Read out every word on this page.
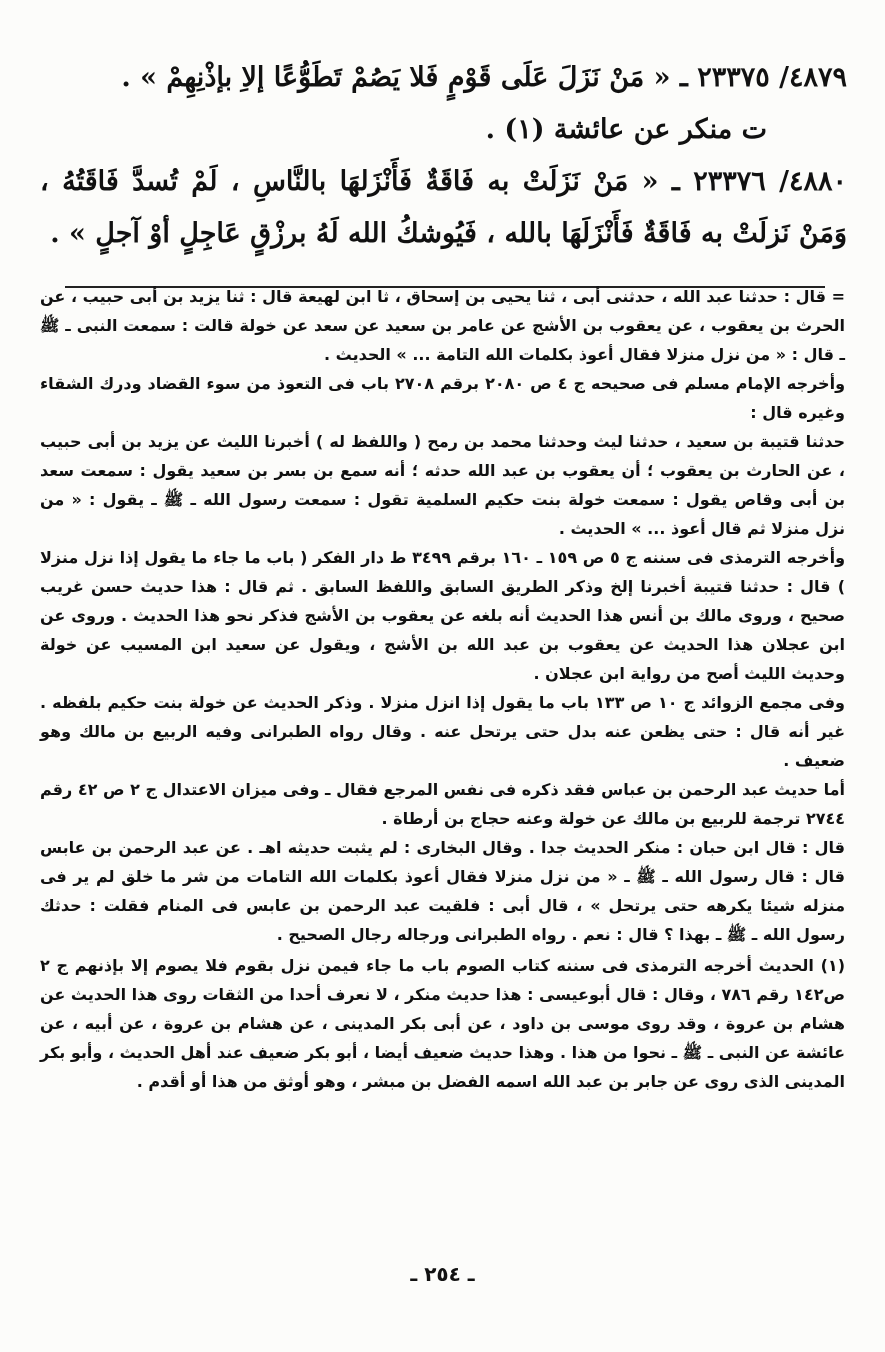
٤٨٧٩/ ٢٣٣٧٥ ـ « مَنْ نَزَلَ عَلَى قَوْمٍ فَلا يَصُمْ تَطَوُّعًا إلاِ بإذْنِهِمْ » .

ت منكر عن عائشة (١) .

٤٨٨٠/ ٢٣٣٧٦ ـ « مَنْ نَزَلَتْ به فَاقَةٌ فَأَنْزَلهَا بالنَّاسِ ، لَمْ تُسدَّ فَاقَتُهُ ، وَمَنْ نَزلَتْ به فَاقَةٌ فَأَنْزَلَهَا بالله ، فَيُوشكُ الله لَهُ برزْقٍ عَاجِلٍ أوْ آجلٍ » .

= قال : حدثنا عبد الله ، حدثنى أبى ، ثنا يحيى بن إسحاق ، ثا ابن لهيعة قال : ثنا يزيد بن أبى حبيب ، عن الحرث بن يعقوب ، عن يعقوب بن الأشج عن عامر بن سعيد عن سعد عن خولة قالت : سمعت النبى ـ ﷺ ـ قال : « من نزل منزلا فقال أعوذ بكلمات الله التامة ... » الحديث .

وأخرجه الإمام مسلم فى صحيحه ج ٤ ص ٢٠٨٠ برقم ٢٧٠٨ باب فى التعوذ من سوء القضاد ودرك الشقاء وغيره قال :

حدثنا قتيبة بن سعيد ، حدثنا ليث وحدثنا محمد بن رمح ( واللفظ له ) أخبرنا الليث عن يزيد بن أبى حبيب ، عن الحارث بن يعقوب ؛ أن يعقوب بن عبد الله حدثه ؛ أنه سمع بن بسر بن سعيد يقول : سمعت سعد بن أبى وقاص يقول : سمعت خولة بنت حكيم السلمية تقول : سمعت رسول الله ـ ﷺ ـ يقول : « من نزل منزلا ثم قال أعوذ ... » الحديث .

وأخرجه الترمذى فى سننه ج ٥ ص ١٥٩ ـ ١٦٠ برقم ٣٤٩٩ ط دار الفكر ( باب ما جاء ما يقول إذا نزل منزلا ) قال : حدثنا قتيبة أخبرنا إلخ وذكر الطريق السابق واللفظ السابق . ثم قال : هذا حديث حسن غريب صحيح ، وروى مالك بن أنس هذا الحديث أنه بلغه عن يعقوب بن الأشج فذكر نحو هذا الحديث . وروى عن ابن عجلان هذا الحديث عن يعقوب بن عبد الله بن الأشج ، ويقول عن سعيد ابن المسيب عن خولة وحديث الليث أصح من رواية ابن عجلان .

وفى مجمع الزوائد ج ١٠ ص ١٣٣ باب ما يقول إذا انزل منزلا . وذكر الحديث عن خولة بنت حكيم بلفظه . غير أنه قال : حتى يظعن عنه بدل حتى يرتحل عنه . وقال رواه الطبرانى وفيه الربيع بن مالك وهو ضعيف .

أما حديث عبد الرحمن بن عباس فقد ذكره فى نفس المرجع فقال ـ وفى ميزان الاعتدال ج ٢ ص ٤٢ رقم ٢٧٤٤ ترجمة للربيع بن مالك عن خولة وعنه حجاج بن أرطاة .

قال : قال ابن حبان : منكر الحديث جدا . وقال البخارى : لم يثبت حديثه اهـ . عن عبد الرحمن بن عابس قال : قال رسول الله ـ ﷺ ـ « من نزل منزلا فقال أعوذ بكلمات الله التامات من شر ما خلق لم ير فى منزله شيئا يكرهه حتى يرتحل » ، قال أبى : فلقيت عبد الرحمن بن عابس فى المنام فقلت : حدثك رسول الله ـ ﷺ ـ بهذا ؟ قال : نعم . رواه الطبرانى ورجاله رجال الصحيح .

(١) الحديث أخرجه الترمذى فى سننه كتاب الصوم باب ما جاء فيمن نزل بقوم فلا يصوم إلا بإذنهم ج ٢ ص١٤٢ رقم ٧٨٦ ، وقال : قال أبوعيسى : هذا حديث منكر ، لا نعرف أحدا من الثقات روى هذا الحديث عن هشام بن عروة ، وقد روى موسى بن داود ، عن أبى بكر المدينى ، عن هشام بن عروة ، عن أبيه ، عن عائشة عن النبى ـ ﷺ ـ نحوا من هذا . وهذا حديث ضعيف أيضا ، أبو بكر ضعيف عند أهل الحديث ، وأبو بكر المدينى الذى روى عن جابر بن عبد الله اسمه الفضل بن مبشر ، وهو أوثق من هذا أو أقدم .

ـ ٢٥٤ ـ
